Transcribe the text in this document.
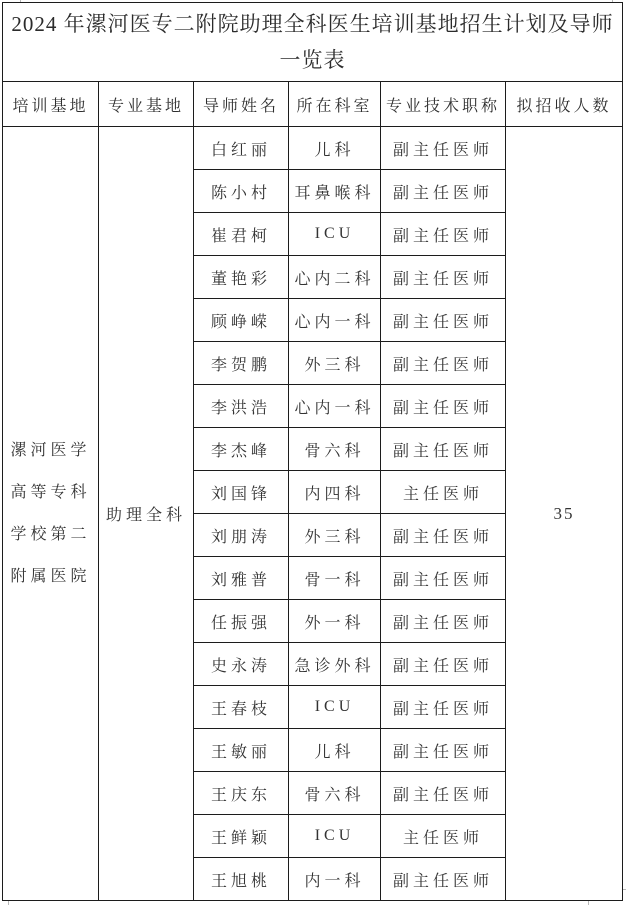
2024 年漯河医专二附院助理全科医生培训基地招生计划及导师一览表					
培训基地	专业基地	导师姓名	所在科室	专业技术职称	拟招收人数
漯河医学高等专科学校第二附属医院	助理全科	白红丽	儿科	副主任医师	35
		陈小村	耳鼻喉科	副主任医师	
		崔君柯	ICU	副主任医师	
		董艳彩	心内二科	副主任医师	
		顾峥嵘	心内一科	副主任医师	
		李贺鹏	外三科	副主任医师	
		李洪浩	心内一科	副主任医师	
		李杰峰	骨六科	副主任医师	
		刘国锋	内四科	主任医师	
		刘朋涛	外三科	副主任医师	
		刘雅普	骨一科	副主任医师	
		任振强	外一科	副主任医师	
		史永涛	急诊外科	副主任医师	
		王春枝	ICU	副主任医师	
		王敏丽	儿科	副主任医师	
		王庆东	骨六科	副主任医师	
		王鲜颖	ICU	主任医师	
		王旭桃	内一科	副主任医师	
